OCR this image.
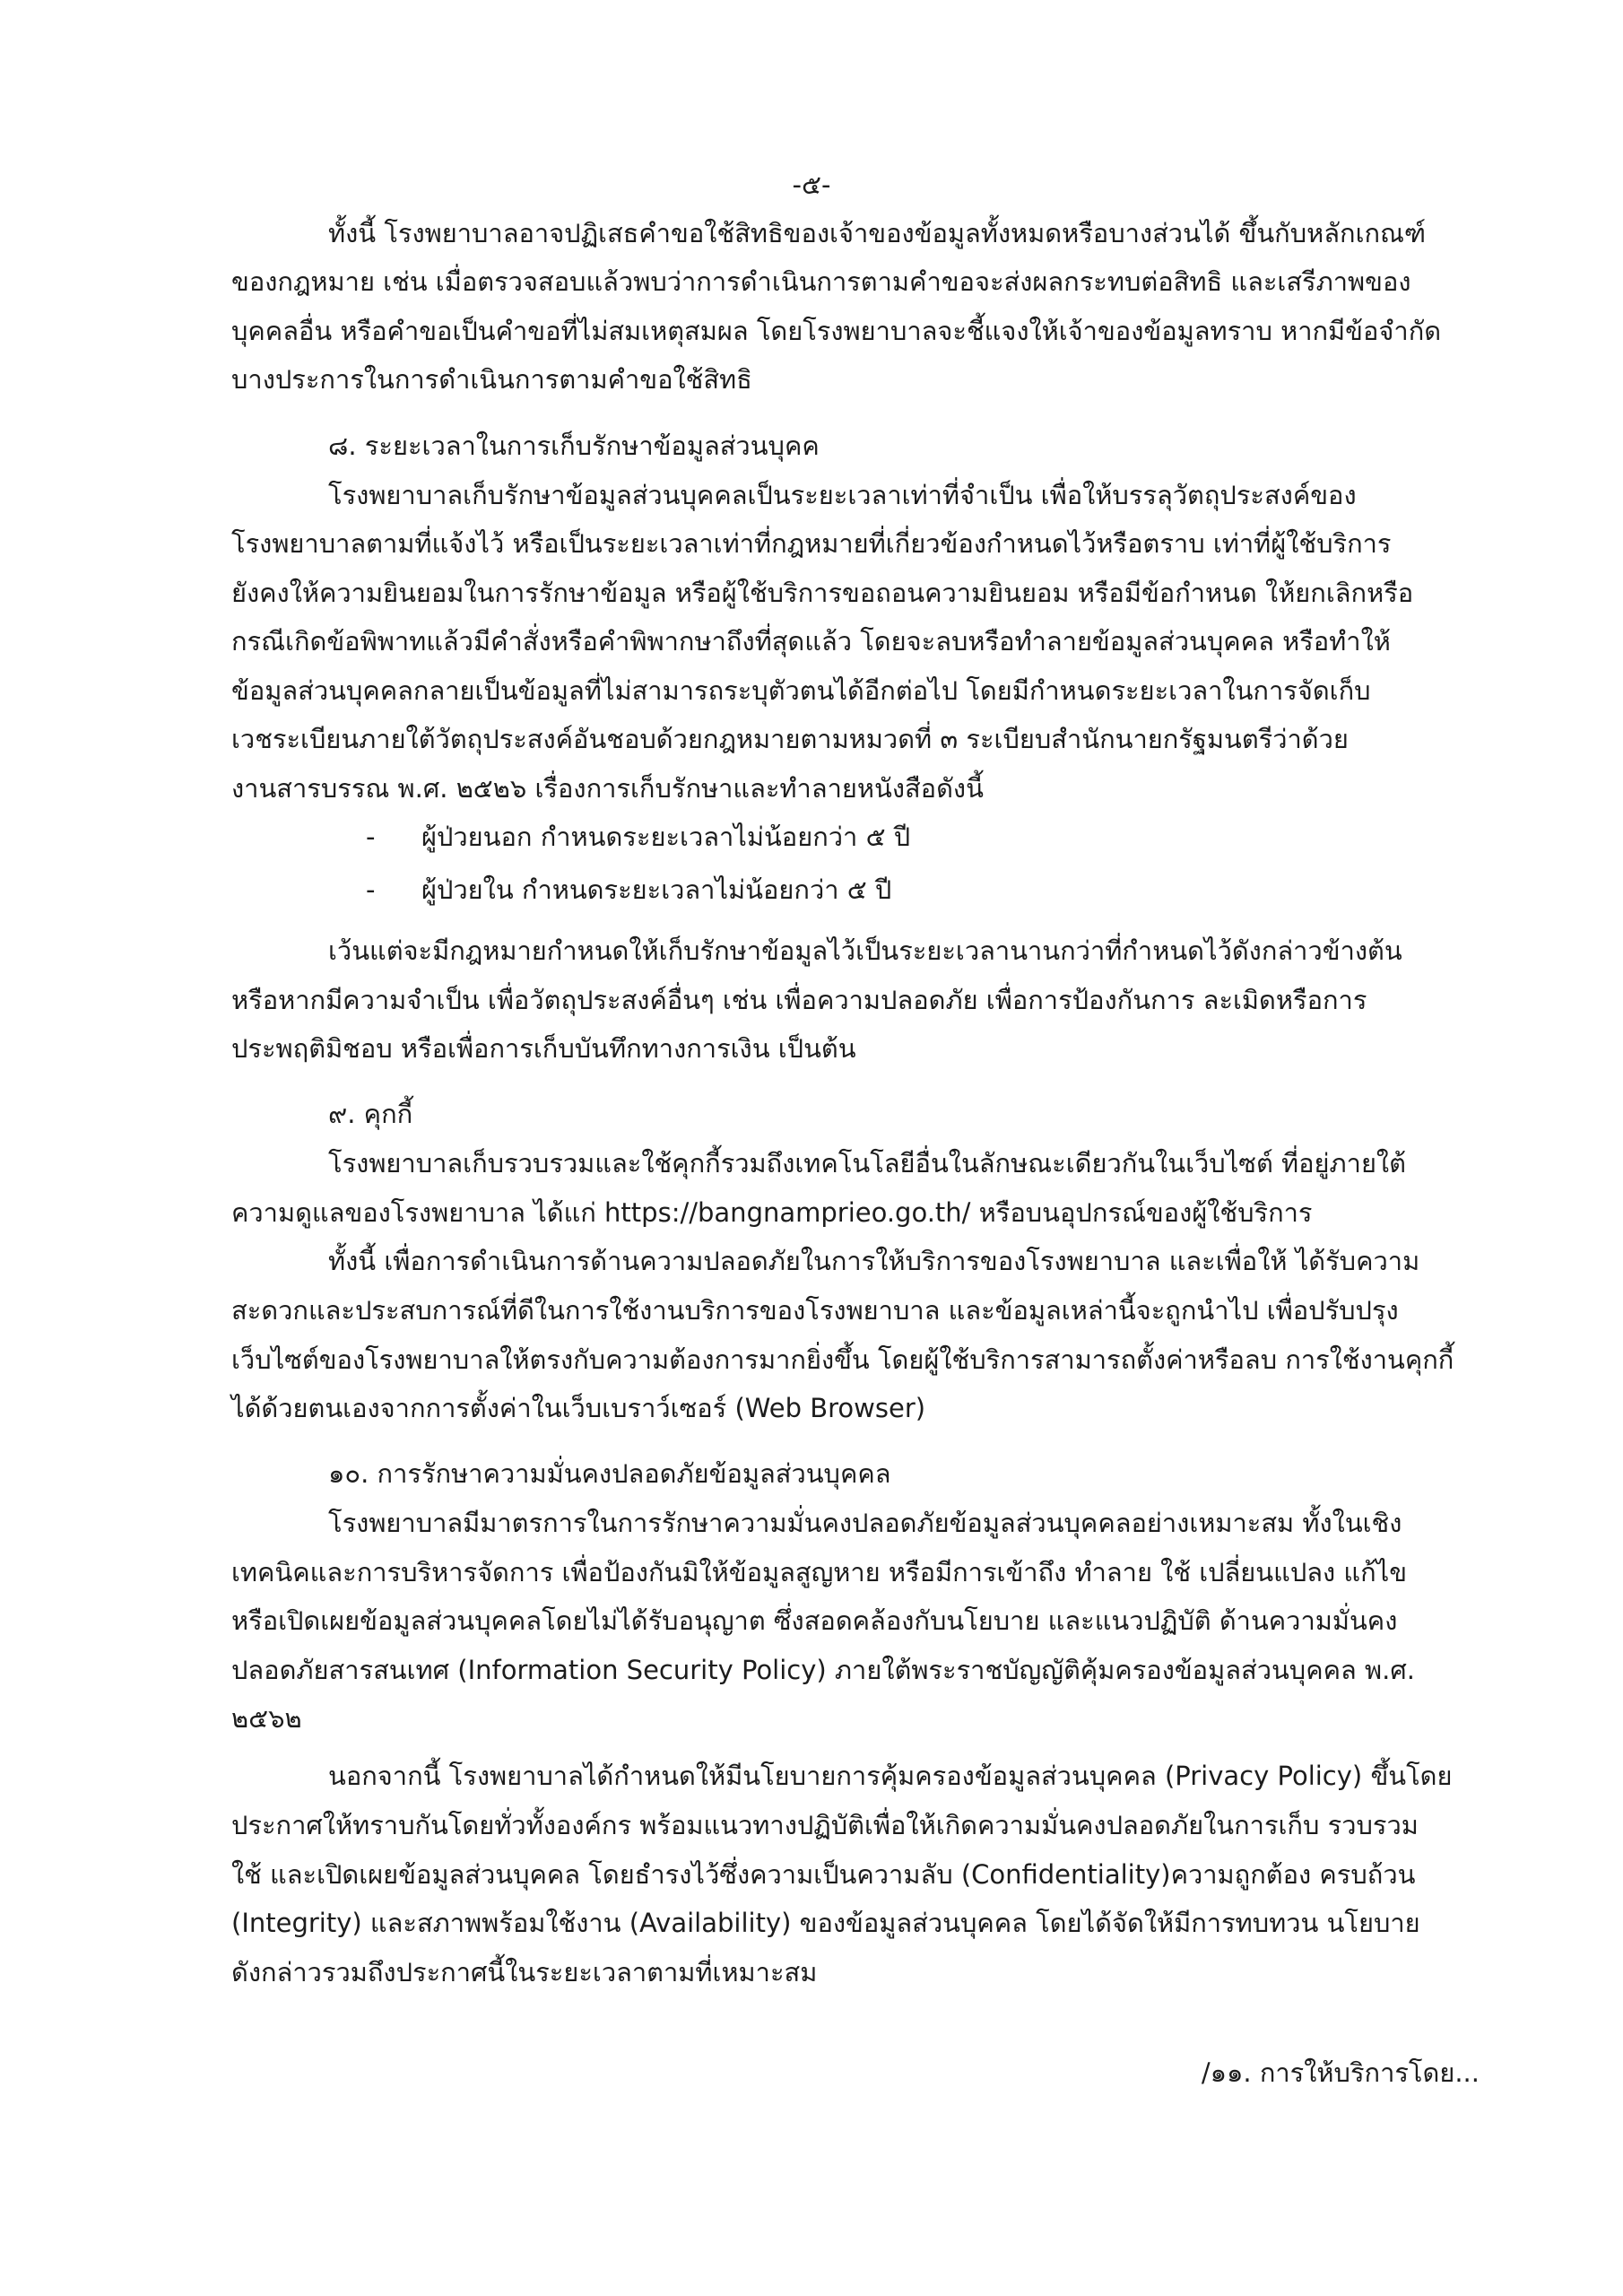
-๕-
ทั้งนี้ โรงพยาบาลอาจปฏิเสธคำขอใช้สิทธิของเจ้าของข้อมูลทั้งหมดหรือบางส่วนได้ ขึ้นกับหลักเกณฑ์
ของกฎหมาย เช่น เมื่อตรวจสอบแล้วพบว่าการดำเนินการตามคำขอจะส่งผลกระทบต่อสิทธิ และเสรีภาพของ
บุคคลอื่น หรือคำขอเป็นคำขอที่ไม่สมเหตุสมผล โดยโรงพยาบาลจะชี้แจงให้เจ้าของข้อมูลทราบ หากมีข้อจำกัด
บางประการในการดำเนินการตามคำขอใช้สิทธิ
๘. ระยะเวลาในการเก็บรักษาข้อมูลส่วนบุคค
โรงพยาบาลเก็บรักษาข้อมูลส่วนบุคคลเป็นระยะเวลาเท่าที่จำเป็น เพื่อให้บรรลุวัตถุประสงค์ของ
โรงพยาบาลตามที่แจ้งไว้ หรือเป็นระยะเวลาเท่าที่กฎหมายที่เกี่ยวข้องกำหนดไว้หรือตราบ เท่าที่ผู้ใช้บริการ
ยังคงให้ความยินยอมในการรักษาข้อมูล หรือผู้ใช้บริการขอถอนความยินยอม หรือมีข้อกำหนด ให้ยกเลิกหรือ
กรณีเกิดข้อพิพาทแล้วมีคำสั่งหรือคำพิพากษาถึงที่สุดแล้ว โดยจะลบหรือทำลายข้อมูลส่วนบุคคล หรือทำให้
ข้อมูลส่วนบุคคลกลายเป็นข้อมูลที่ไม่สามารถระบุตัวตนได้อีกต่อไป โดยมีกำหนดระยะเวลาในการจัดเก็บ
เวชระเบียนภายใต้วัตถุประสงค์อันชอบด้วยกฎหมายตามหมวดที่ ๓ ระเบียบสำนักนายกรัฐมนตรีว่าด้วย
งานสารบรรณ พ.ศ. ๒๕๒๖ เรื่องการเก็บรักษาและทำลายหนังสือดังนี้
- ผู้ป่วยนอก กำหนดระยะเวลาไม่น้อยกว่า ๕ ปี
- ผู้ป่วยใน กำหนดระยะเวลาไม่น้อยกว่า ๕ ปี
เว้นแต่จะมีกฎหมายกำหนดให้เก็บรักษาข้อมูลไว้เป็นระยะเวลานานกว่าที่กำหนดไว้ดังกล่าวข้างต้น
หรือหากมีความจำเป็น เพื่อวัตถุประสงค์อื่นๆ เช่น เพื่อความปลอดภัย เพื่อการป้องกันการ ละเมิดหรือการ
ประพฤติมิชอบ หรือเพื่อการเก็บบันทึกทางการเงิน เป็นต้น
๙. คุกกี้
โรงพยาบาลเก็บรวบรวมและใช้คุกกี้รวมถึงเทคโนโลยีอื่นในลักษณะเดียวกันในเว็บไซต์ ที่อยู่ภายใต้
ความดูแลของโรงพยาบาล ได้แก่ https://bangnamprieo.go.th/ หรือบนอุปกรณ์ของผู้ใช้บริการ
ทั้งนี้ เพื่อการดำเนินการด้านความปลอดภัยในการให้บริการของโรงพยาบาล และเพื่อให้ ได้รับความ
สะดวกและประสบการณ์ที่ดีในการใช้งานบริการของโรงพยาบาล และข้อมูลเหล่านี้จะถูกนำไป เพื่อปรับปรุง
เว็บไซต์ของโรงพยาบาลให้ตรงกับความต้องการมากยิ่งขึ้น โดยผู้ใช้บริการสามารถตั้งค่าหรือลบ การใช้งานคุกกี้
ได้ด้วยตนเองจากการตั้งค่าในเว็บเบราว์เซอร์ (Web Browser)
๑๐. การรักษาความมั่นคงปลอดภัยข้อมูลส่วนบุคคล
โรงพยาบาลมีมาตรการในการรักษาความมั่นคงปลอดภัยข้อมูลส่วนบุคคลอย่างเหมาะสม ทั้งในเชิง
เทคนิคและการบริหารจัดการ เพื่อป้องกันมิให้ข้อมูลสูญหาย หรือมีการเข้าถึง ทำลาย ใช้ เปลี่ยนแปลง แก้ไข
หรือเปิดเผยข้อมูลส่วนบุคคลโดยไม่ได้รับอนุญาต ซึ่งสอดคล้องกับนโยบาย และแนวปฏิบัติ ด้านความมั่นคง
ปลอดภัยสารสนเทศ (Information Security Policy) ภายใต้พระราชบัญญัติคุ้มครองข้อมูลส่วนบุคคล พ.ศ.
๒๕๖๒
นอกจากนี้ โรงพยาบาลได้กำหนดให้มีนโยบายการคุ้มครองข้อมูลส่วนบุคคล (Privacy Policy) ขึ้นโดย
ประกาศให้ทราบกันโดยทั่วทั้งองค์กร พร้อมแนวทางปฏิบัติเพื่อให้เกิดความมั่นคงปลอดภัยในการเก็บ รวบรวม
ใช้ และเปิดเผยข้อมูลส่วนบุคคล โดยธำรงไว้ซึ่งความเป็นความลับ (Confidentiality)ความถูกต้อง ครบถ้วน
(Integrity) และสภาพพร้อมใช้งาน (Availability) ของข้อมูลส่วนบุคคล โดยได้จัดให้มีการทบทวน นโยบาย
ดังกล่าวรวมถึงประกาศนี้ในระยะเวลาตามที่เหมาะสม
/๑๑. การให้บริการโดย...
